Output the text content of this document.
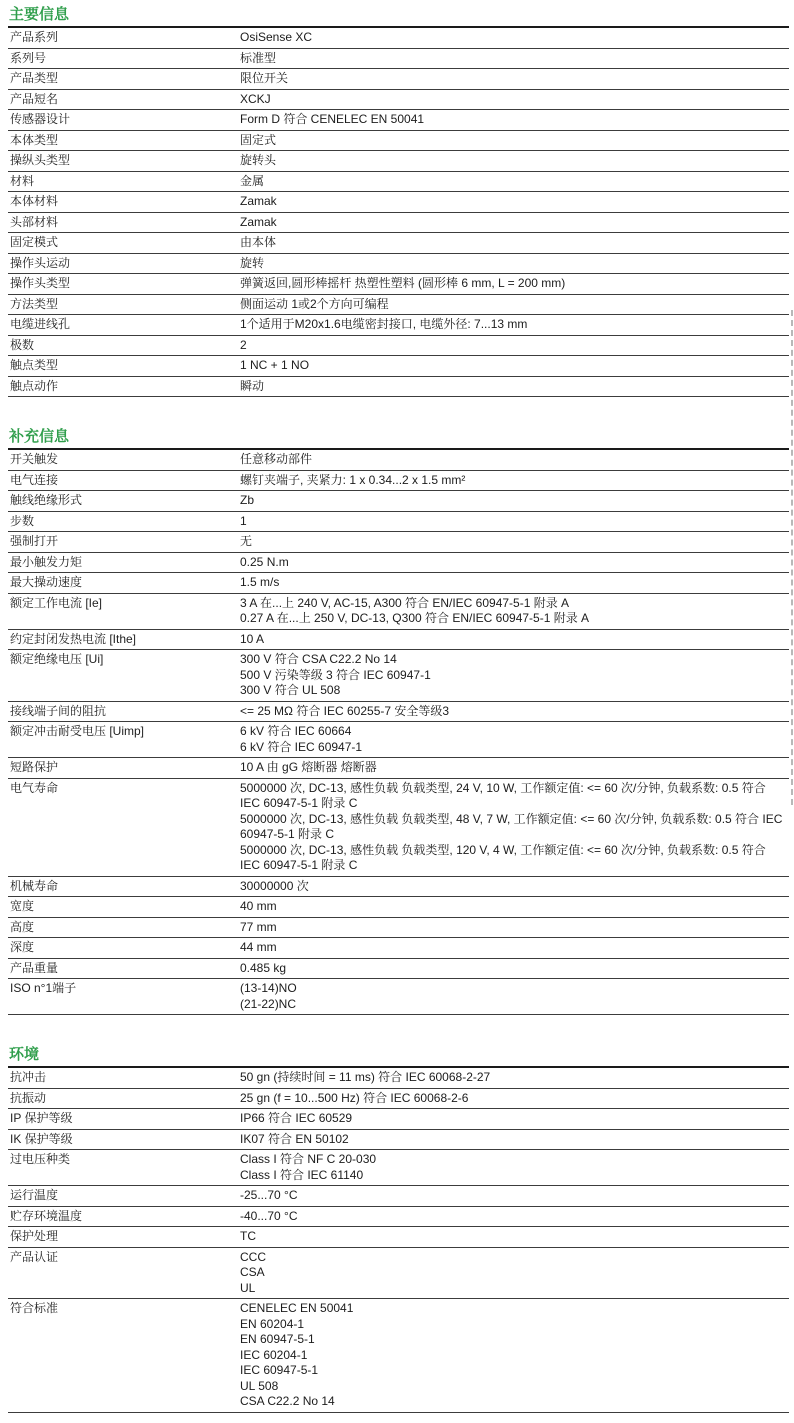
主要信息
产品系列	OsiSense XC
系列号	标准型
产品类型	限位开关
产品短名	XCKJ
传感器设计	Form D 符合 CENELEC EN 50041
本体类型	固定式
操纵头类型	旋转头
材料	金属
本体材料	Zamak
头部材料	Zamak
固定模式	由本体
操作头运动	旋转
操作头类型	弹簧返回,圆形棒摇杆 热塑性塑料 (圆形棒 6 mm, L = 200 mm)
方法类型	侧面运动 1或2个方向可编程
电缆进线孔	1个适用于M20x1.6电缆密封接口, 电缆外径: 7...13 mm
极数	2
触点类型	1 NC + 1 NO
触点动作	瞬动
补充信息
开关触发	任意移动部件
电气连接	螺钉夹端子, 夹紧力: 1 x 0.34...2 x 1.5 mm²
触线绝缘形式	Zb
步数	1
强制打开	无
最小触发力矩	0.25 N.m
最大操动速度	1.5 m/s
额定工作电流 [Ie]	3 A 在...上 240 V, AC-15, A300 符合 EN/IEC 60947-5-1 附录 A
0.27 A 在...上 250 V, DC-13, Q300 符合 EN/IEC 60947-5-1 附录 A
约定封闭发热电流 [Ithe]	10 A
额定绝缘电压 [Ui]	300 V 符合 CSA C22.2 No 14
500 V 污染等级 3 符合 IEC 60947-1
300 V 符合 UL 508
接线端子间的阻抗	<= 25 MΩ 符合 IEC 60255-7 安全等级3
额定冲击耐受电压 [Uimp]	6 kV 符合 IEC 60664
6 kV 符合 IEC 60947-1
短路保护	10 A 由 gG 熔断器 熔断器
电气寿命	5000000 次, DC-13, 感性负载 负载类型, 24 V, 10 W, 工作额定值: <= 60 次/分钟, 负载系数: 0.5 符合 IEC 60947-5-1 附录 C
5000000 次, DC-13, 感性负载 负载类型, 48 V, 7 W, 工作额定值: <= 60 次/分钟, 负载系数: 0.5 符合 IEC 60947-5-1 附录 C
5000000 次, DC-13, 感性负载 负载类型, 120 V, 4 W, 工作额定值: <= 60 次/分钟, 负载系数: 0.5 符合 IEC 60947-5-1 附录 C
机械寿命	30000000 次
宽度	40 mm
高度	77 mm
深度	44 mm
产品重量	0.485 kg
ISO n°1端子	(13-14)NO
(21-22)NC
环境
抗冲击	50 gn (持续时间 = 11 ms) 符合 IEC 60068-2-27
抗振动	25 gn (f = 10...500 Hz) 符合 IEC 60068-2-6
IP 保护等级	IP66 符合 IEC 60529
IK 保护等级	IK07 符合 EN 50102
过电压种类	Class I 符合 NF C 20-030
Class I 符合 IEC 61140
运行温度	-25...70 °C
贮存环境温度	-40...70 °C
保护处理	TC
产品认证	CCC
CSA
UL
符合标准	CENELEC EN 50041
EN 60204-1
EN 60947-5-1
IEC 60204-1
IEC 60947-5-1
UL 508
CSA C22.2 No 14
